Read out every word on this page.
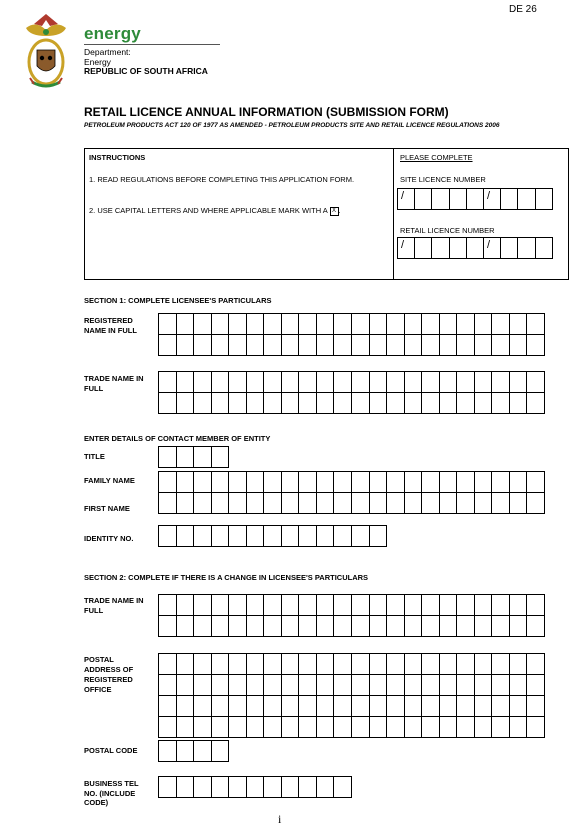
DE 26
energy
Department:
Energy
REPUBLIC OF SOUTH AFRICA
RETAIL LICENCE ANNUAL INFORMATION (SUBMISSION FORM)
PETROLEUM PRODUCTS ACT 120 OF 1977 AS AMENDED - PETROLEUM PRODUCTS SITE AND RETAIL LICENCE REGULATIONS 2006
INSTRUCTIONS
1. READ REGULATIONS BEFORE COMPLETING THIS APPLICATION FORM.
2. USE CAPITAL LETTERS AND WHERE APPLICABLE MARK WITH A X .
PLEASE COMPLETE
SITE LICENCE NUMBER
RETAIL LICENCE NUMBER
SECTION 1: COMPLETE LICENSEE'S PARTICULARS
REGISTERED NAME IN FULL
TRADE NAME IN FULL
ENTER DETAILS OF CONTACT MEMBER OF ENTITY
TITLE
FAMILY NAME
FIRST NAME
IDENTITY NO.
SECTION 2: COMPLETE IF THERE IS A CHANGE IN LICENSEE'S PARTICULARS
TRADE NAME IN FULL
POSTAL ADDRESS OF REGISTERED OFFICE
POSTAL CODE
BUSINESS TEL NO. (INCLUDE CODE)
i
/	/
/	/
